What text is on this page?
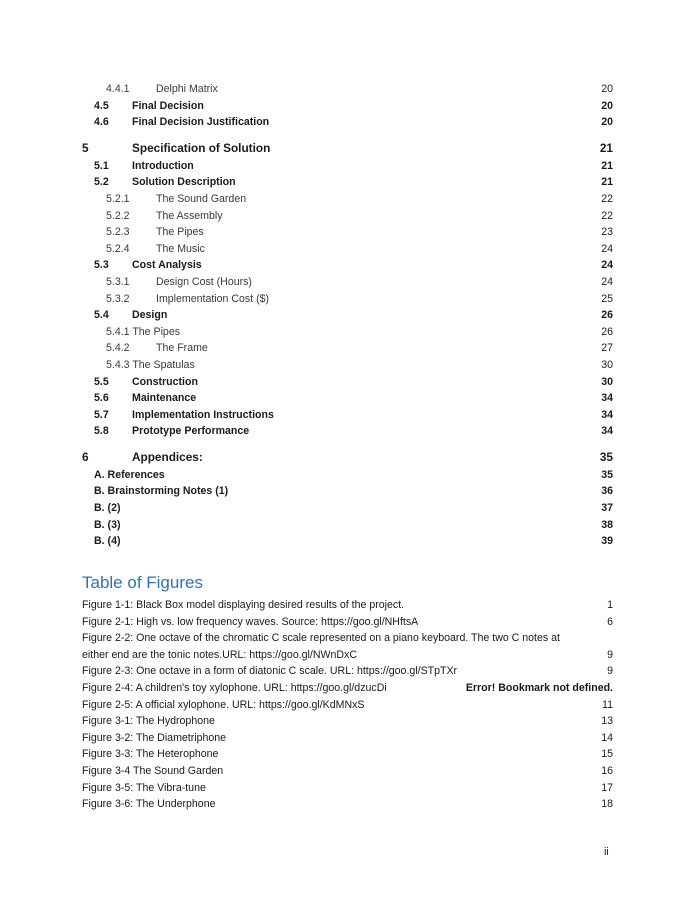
4.4.1	Delphi Matrix	20
4.5	Final Decision	20
4.6	Final Decision Justification	20
5	Specification of Solution	21
5.1	Introduction	21
5.2	Solution Description	21
5.2.1	The Sound Garden	22
5.2.2	The Assembly	22
5.2.3	The Pipes	23
5.2.4	The Music	24
5.3	Cost Analysis	24
5.3.1	Design Cost (Hours)	24
5.3.2	Implementation Cost ($)	25
5.4	Design	26
5.4.1 The Pipes	26
5.4.2	The Frame	27
5.4.3 The Spatulas	30
5.5	Construction	30
5.6	Maintenance	34
5.7	Implementation Instructions	34
5.8	Prototype Performance	34
6	Appendices:	35
A. References	35
B. Brainstorming Notes (1)	36
B. (2)	37
B. (3)	38
B. (4)	39
Table of Figures
Figure 1-1: Black Box model displaying desired results of the project.	1
Figure 2-1: High vs. low frequency waves. Source: https://goo.gl/NHftsA	6
Figure 2-2: One octave of the chromatic C scale represented on a piano keyboard. The two C notes at
either end are the tonic notes.URL: https://goo.gl/NWnDxC	9
Figure 2-3: One octave in a form of diatonic C scale. URL: https://goo.gl/STpTXr	9
Figure 2-4: A children's toy xylophone. URL: https://goo.gl/dzucDi	Error! Bookmark not defined.
Figure 2-5: A official xylophone. URL: https://goo.gl/KdMNxS	11
Figure 3-1: The Hydrophone	13
Figure 3-2: The Diametriphone	14
Figure 3-3: The Heterophone	15
Figure 3-4 The Sound Garden	16
Figure 3-5: The Vibra-tune	17
Figure 3-6: The Underphone	18
ii
